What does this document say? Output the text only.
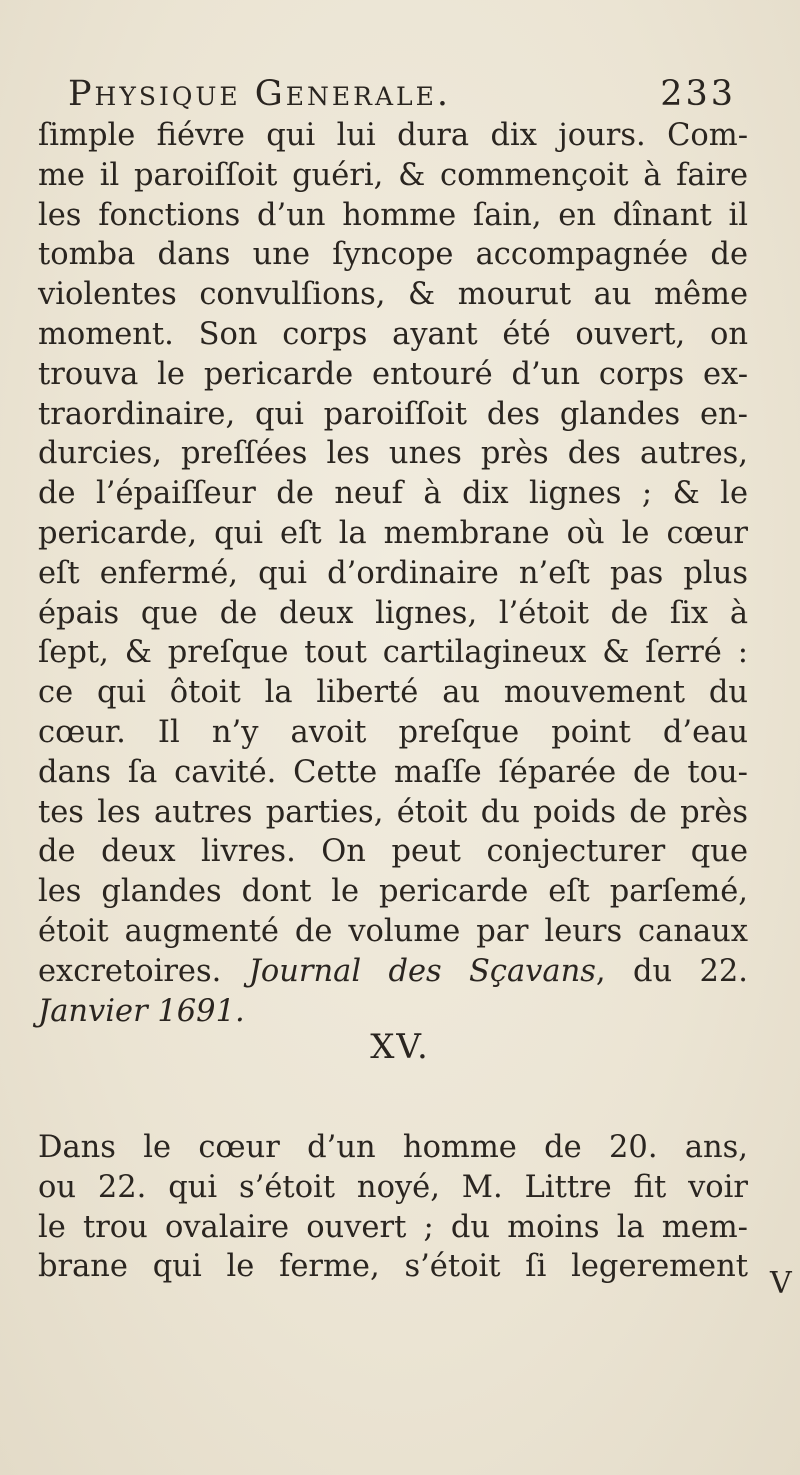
Physique Generale.	233
ſimple fiévre qui lui dura dix jours. Com-
me il paroiſſoit guéri, & commençoit à faire
les fonctions d’un homme ſain, en dînant il
tomba dans une ſyncope accompagnée de
violentes convulſions, & mourut au même
moment. Son corps ayant été ouvert, on
trouva le pericarde entouré d’un corps ex-
traordinaire, qui paroiſſoit des glandes en-
durcies, preſſées les unes près des autres,
de l’épaiſſeur de neuf à dix lignes ; & le
pericarde, qui eſt la membrane où le cœur
eſt enfermé, qui d’ordinaire n’eſt pas plus
épais que de deux lignes, l’étoit de ſix à
ſept, & preſque tout cartilagineux & ſerré :
ce qui ôtoit la liberté au mouvement du
cœur. Il n’y avoit preſque point d’eau
dans ſa cavité. Cette maſſe ſéparée de tou-
tes les autres parties, étoit du poids de près
de deux livres. On peut conjecturer que
les glandes dont le pericarde eſt parſemé,
étoit augmenté de volume par leurs canaux
excretoires. Journal des Sçavans, du 22.
Janvier 1691.
XV.
Dans le cœur d’un homme de 20. ans,
ou 22. qui s’étoit noyé, M. Littre fit voir
le trou ovalaire ouvert ; du moins la mem-
brane qui le ferme, s’étoit ſi legerement V
